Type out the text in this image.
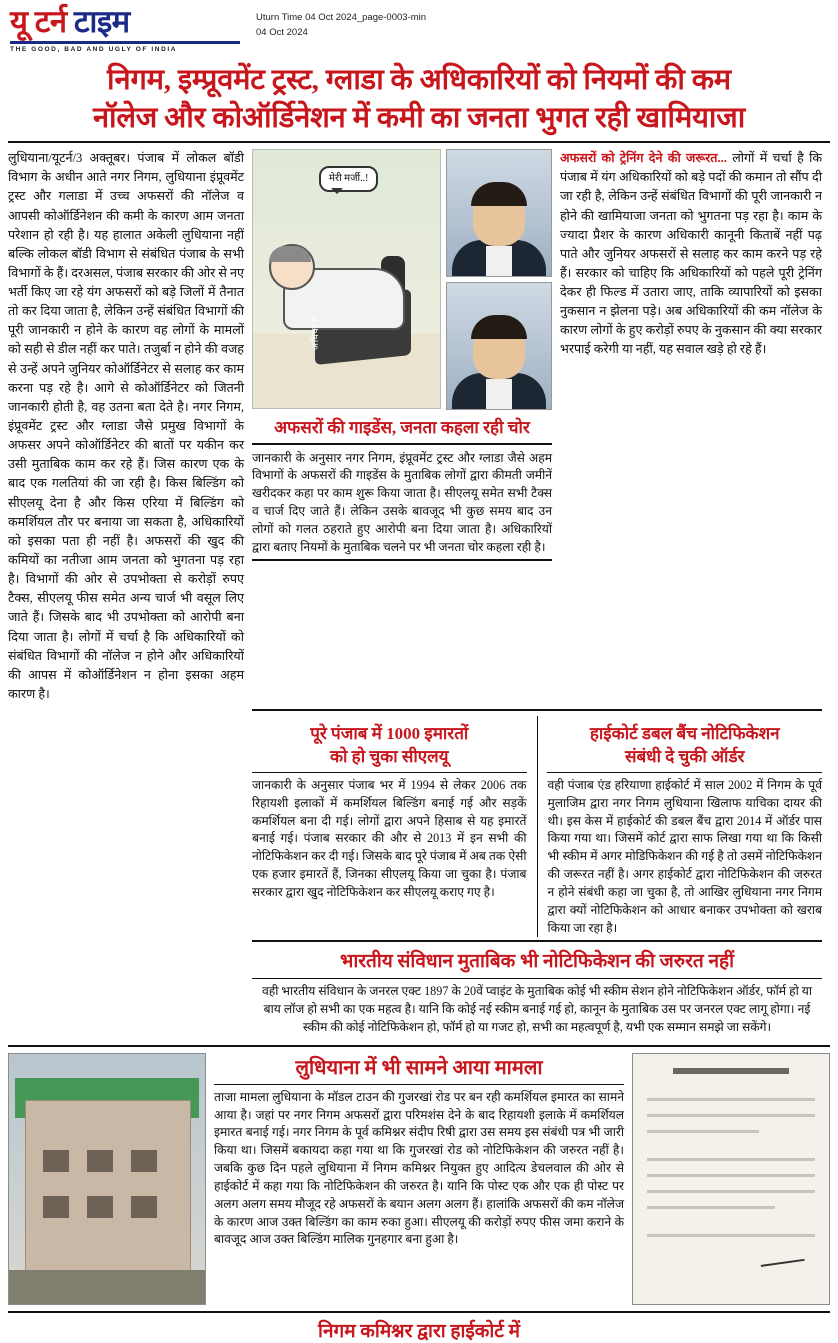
यू टर्न टाइम
THE GOOD, BAD AND UGLY OF INDIA
Uturn Time 04 Oct 2024_page-0003-min
04 Oct 2024
निगम, इम्प्रूवमेंट ट्रस्ट, ग्लाडा के अधिकारियों को नियमों की कम
नॉलेज और कोऑर्डिनेशन में कमी का जनता भुगत रही खामियाजा
लुधियाना/यूटर्न/3 अक्तूबर। पंजाब में लोकल बॉडी विभाग के अधीन आते नगर निगम, लुधियाना इंप्रूवमेंट ट्रस्ट और गलाडा में उच्च अफसरों की नॉलेज व आपसी कोऑर्डिनेशन की कमी के कारण आम जनता परेशान हो रही है। यह हालात अकेली लुधियाना नहीं बल्कि लोकल बॉडी विभाग से संबंधित पंजाब के सभी विभागों के हैं। दरअसल, पंजाब सरकार की ओर से नए भर्ती किए जा रहे यंग अफसरों को बड़े जिलों में तैनात तो कर दिया जाता है, लेकिन उन्हें संबंधित विभागों की पूरी जानकारी न होने के कारण वह लोगों के मामलों को सही से डील नहीं कर पाते। तजुर्बा न होने की वजह से उन्हें अपने जुनियर कोऑर्डिनेटर से सलाह कर काम करना पड़ रहे है। आगे से कोऑर्डिनेटर को जितनी जानकारी होती है, वह उतना बता देते है। नगर निगम, इंप्रूवमेंट ट्रस्ट और ग्लाडा जैसे प्रमुख विभागों के अफसर अपने कोऑर्डिनेटर की बातों पर यकीन कर उसी मुताबिक काम कर रहे हैं। जिस कारण एक के बाद एक गलतियां की जा रही है। किस बिल्डिंग को सीएलयू देना है और किस एरिया में बिल्डिंग को कमर्शियल तौर पर बनाया जा सकता है, अधिकारियों को इसका पता ही नहीं है। अफसरों की खुद की कमियों का नतीजा आम जनता को भुगतना पड़ रहा है। विभागों की ओर से उपभोक्ता से करोड़ों रुपए टैक्स, सीएलयू फीस समेत अन्य चार्ज भी वसूल लिए जाते हैं। जिसके बाद भी उपभोक्ता को आरोपी बना दिया जाता है। लोगों में चर्चा है कि अधिकारियों को संबंधित विभागों की नॉलेज न होने और अधिकारियों की आपस में कोऑर्डिनेशन न होना इसका अहम कारण है।
मेरी मर्जी..!
अधिकारी
अफसरों की गाइडेंस, जनता कहला रही चोर
जानकारी के अनुसार नगर निगम, इंप्रूवमेंट ट्रस्ट और ग्लाडा जैसे अहम विभागों के अफसरों की गाइडेंस के मुताबिक लोगों द्वारा कीमती जमीनें खरीदकर कहा पर काम शुरू किया जाता है। सीएलयू समेत सभी टैक्स व चार्ज दिए जाते हैं। लेकिन उसके बावजूद भी कुछ समय बाद उन लोगों को गलत ठहराते हुए आरोपी बना दिया जाता है। अधिकारियों द्वारा बताए नियमों के मुताबिक चलने पर भी जनता चोर कहला रही है।
अफसरों को ट्रेनिंग देने की जरूरत... लोगों में चर्चा है कि पंजाब में यंग अधिकारियों को बड़े पदों की कमान तो सौंप दी जा रही है, लेकिन उन्हें संबंधित विभागों की पूरी जानकारी न होने की खामियाजा जनता को भुगतना पड़ रहा है। काम के ज्यादा प्रैशर के कारण अधिकारी कानूनी किताबें नहीं पढ़ पाते और जुनियर अफसरों से सलाह कर काम करने पड़ रहे हैं। सरकार को चाहिए कि अधिकारियों को पहले पूरी ट्रेनिंग देकर ही फिल्ड में उतारा जाए, ताकि व्यापारियों को इसका नुकसान न झेलना पड़े। अब अधिकारियों की कम नॉलेज के कारण लोगों के हुए करोड़ों रुपए के नुकसान की क्या सरकार भरपाई करेगी या नहीं, यह सवाल खड़े हो रहे हैं।
पूरे पंजाब में 1000 इमारतों
को हो चुका सीएलयू
जानकारी के अनुसार पंजाब भर में 1994 से लेकर 2006 तक रिहायशी इलाकों में कमर्शियल बिल्डिंग बनाई गई और सड़कें कमर्शियल बना दी गई। लोगों द्वारा अपने हिसाब से यह इमारतें बनाई गई। पंजाब सरकार की और से 2013 में इन सभी की नोटिफिकेशन कर दी गई। जिसके बाद पूरे पंजाब में अब तक ऐसी एक हजार इमारतें हैं, जिनका सीएलयू किया जा चुका है। पंजाब सरकार द्वारा खुद नोटिफिकेशन कर सीएलयू कराए गए है।
हाईकोर्ट डबल बैंच नोटिफिकेशन
संबंधी दे चुकी ऑर्डर
वही पंजाब एंड हरियाणा हाईकोर्ट में साल 2002 में निगम के पूर्व मुलाजिम द्वारा नगर निगम लुधियाना खिलाफ याचिका दायर की थी। इस केस में हाईकोर्ट की डबल बैंच द्वारा 2014 में ऑर्डर पास किया गया था। जिसमें कोर्ट द्वारा साफ लिखा गया था कि किसी भी स्कीम में अगर मोडिफिकेशन की गई है तो उसमें नोटिफिकेशन की जरूरत नहीं है। अगर हाईकोर्ट द्वारा नोटिफिकेशन की जरुरत न होने संबंधी कहा जा चुका है, तो आखिर लुधियाना नगर निगम द्वारा क्यों नोटिफिकेशन को आधार बनाकर उपभोक्ता को खराब किया जा रहा है।
भारतीय संविधान मुताबिक भी नोटिफिकेशन की जरुरत नहीं
वही भारतीय संविधान के जनरल एक्ट 1897 के 20वें प्वाइंट के मुताबिक कोई भी स्कीम सेशन होने नोटिफिकेशन ऑर्डर, फॉर्म हो या बाय लॉज हो सभी का एक महत्व है। यानि कि कोई नई स्कीम बनाई गई हो, कानून के मुताबिक उस पर जनरल एक्ट लागू होगा। नई स्कीम की कोई नोटिफिकेशन हो, फॉर्म हो या गजट हो, सभी का महत्वपूर्ण है, यभी एक सम्मान समझे जा सकेंगे।
लुधियाना में भी सामने आया मामला
ताजा मामला लुधियाना के मॉडल टाउन की गुजरखां रोड पर बन रही कमर्शियल इमारत का सामने आया है। जहां पर नगर निगम अफसरों द्वारा परिमशंस देने के बाद रिहायशी इलाके में कमर्शियल इमारत बनाई गई। नगर निगम के पूर्व कमिश्नर संदीप रिषी द्वारा उस समय इस संबंधी पत्र भी जारी किया था। जिसमें बकायदा कहा गया था कि गुजरखां रोड को नोटिफिकेशन की जरुरत नहीं है। जबकि कुछ दिन पहले लुधियाना में निगम कमिश्नर नियुक्त हुए आदित्य डेचलवाल की ओर से हाईकोर्ट में कहा गया कि नोटिफिकेशन की जरुरत है। यानि कि पोस्ट एक और एक ही पोस्ट पर अलग अलग समय मौजूद रहे अफसरों के बयान अलग अलग हैं। हालांकि अफसरों की कम नॉलेज के कारण आज उक्त बिल्डिंग का काम रुका हुआ। सीएलयू की करोड़ों रुपए फीस जमा कराने के बावजूद आज उक्त बिल्डिंग मालिक गुनहगार बना हुआ है।
निगम कमिश्नर द्वारा हाईकोर्ट में
